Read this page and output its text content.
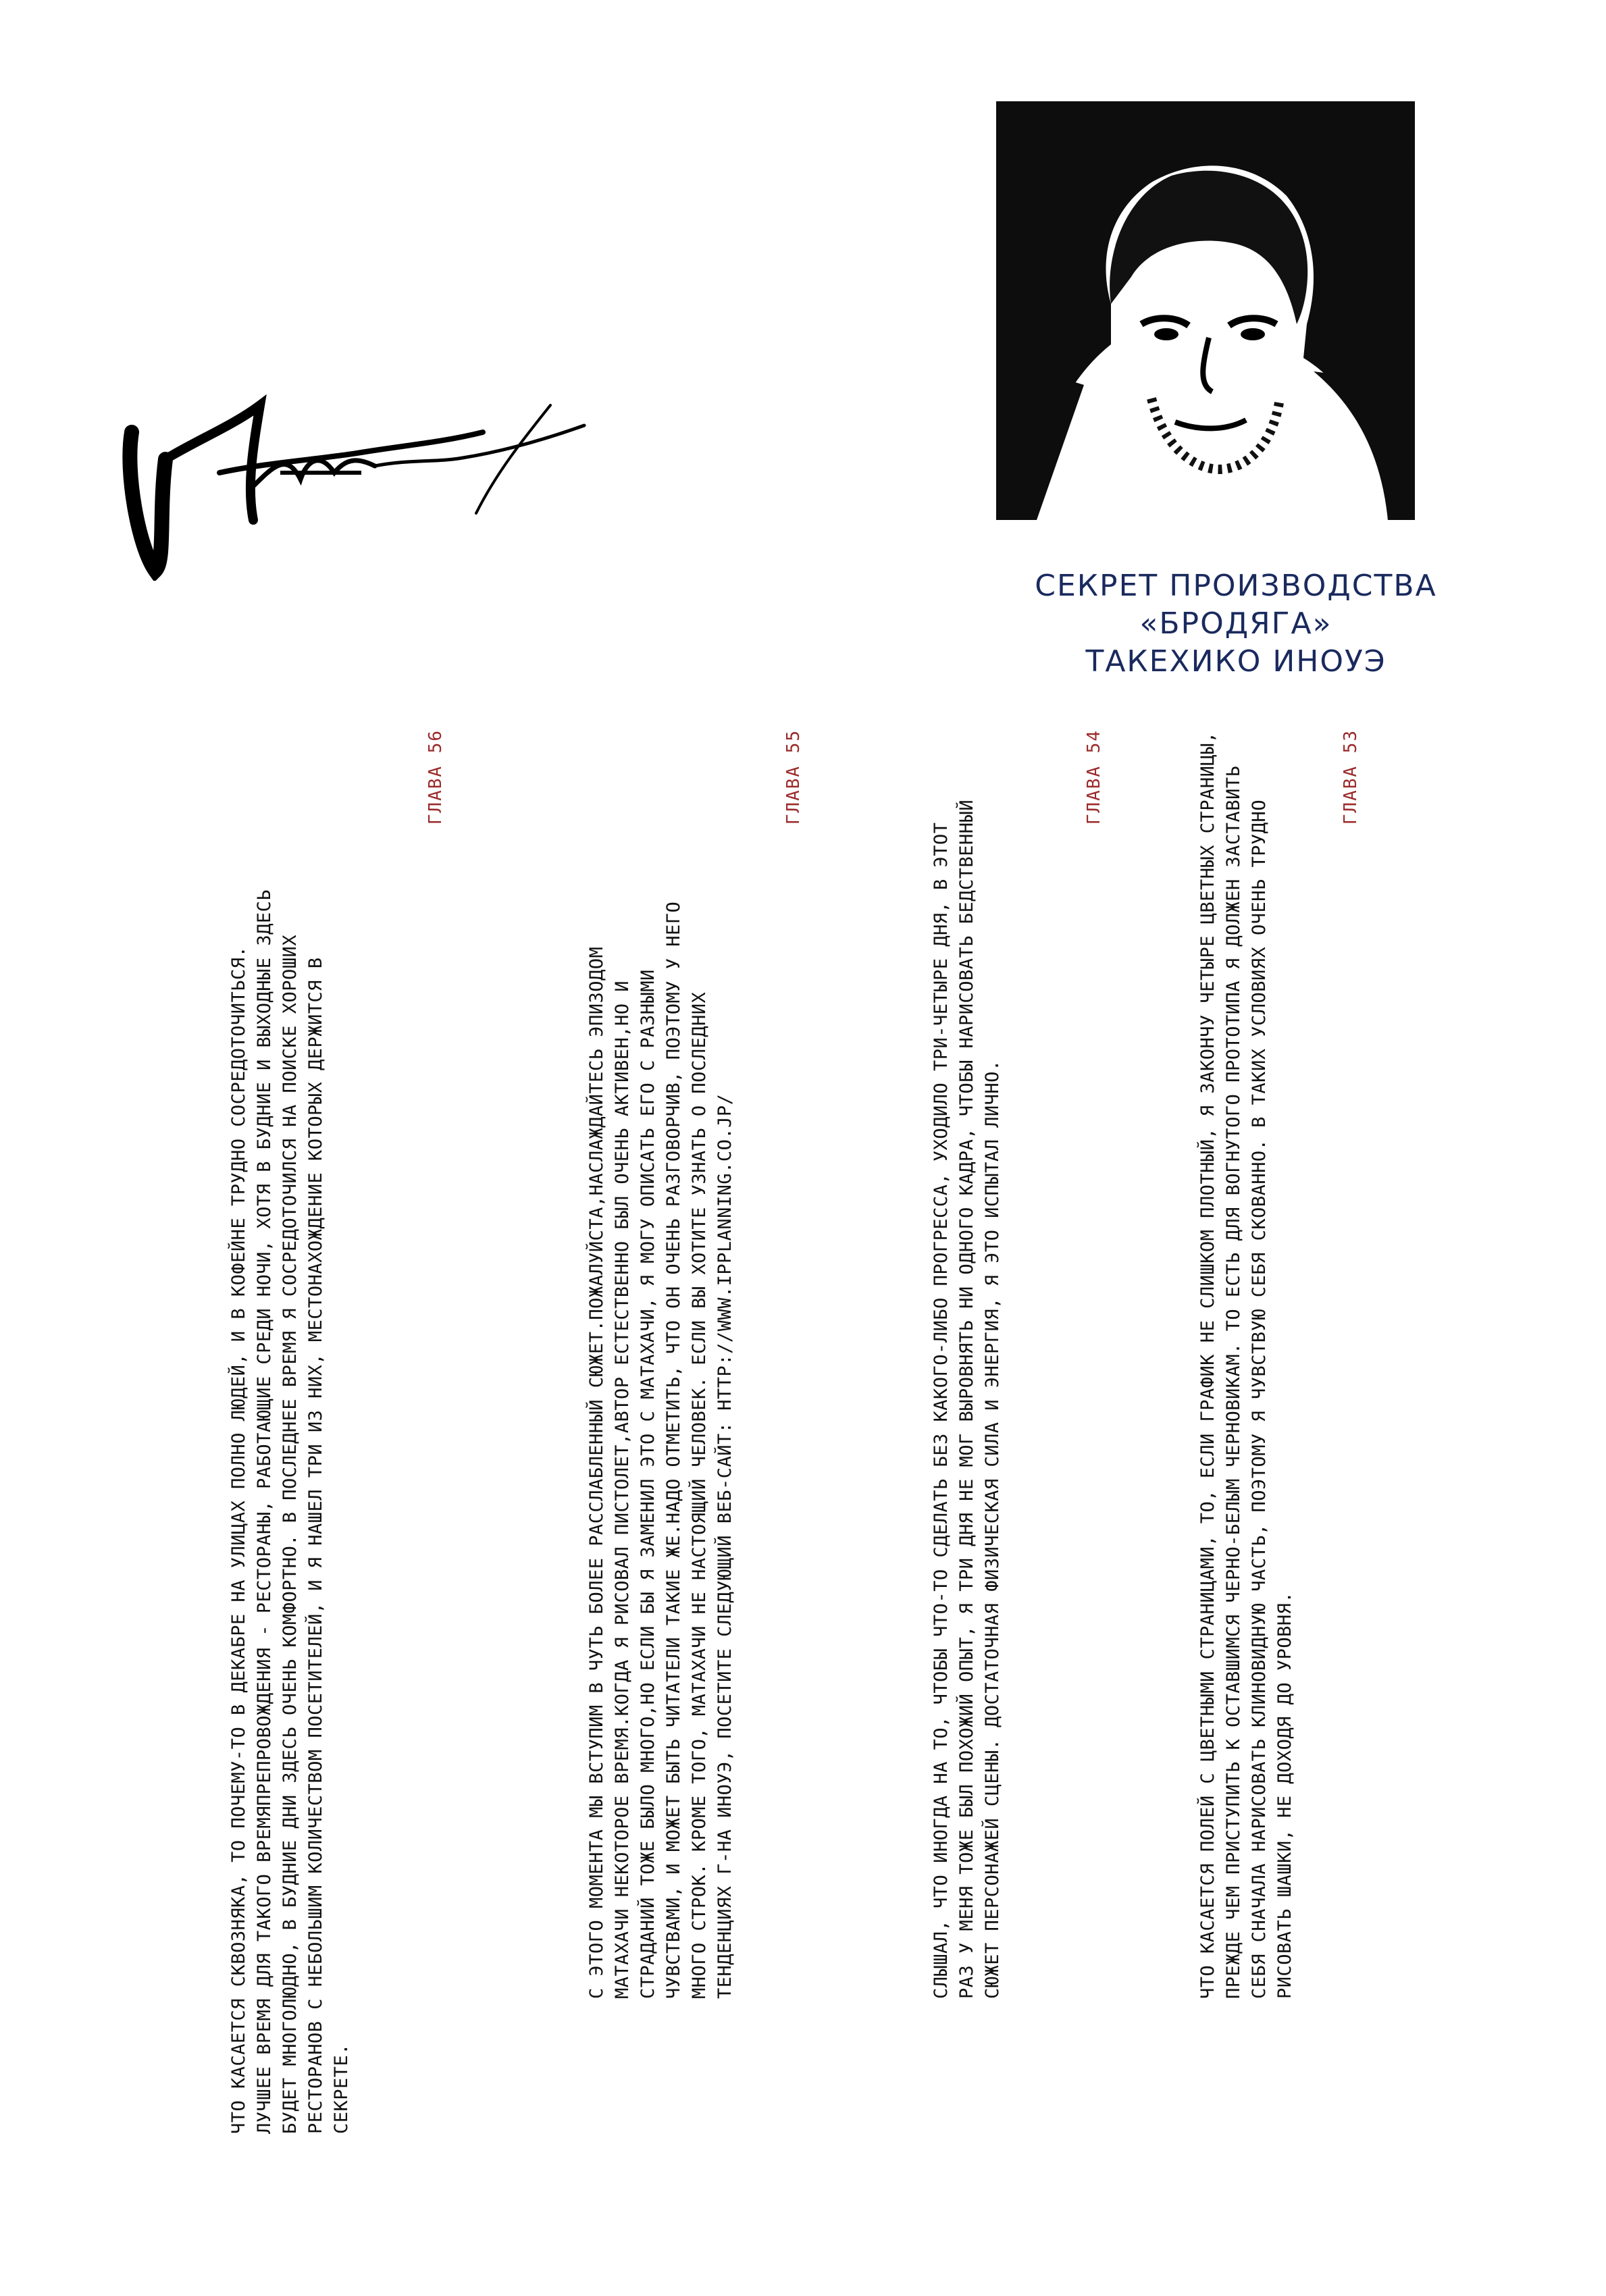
СЕКРЕТ ПРОИЗВОДСТВА
«БРОДЯГА»
ТАКЕХИКО ИНОУЭ
ГЛАВА 53

ЧТО КАСАЕТСЯ ПОЛЕЙ С ЦВЕТНЫМИ СТРАНИЦАМИ, ТО, ЕСЛИ ГРАФИК НЕ СЛИШКОМ ПЛОТНЫЙ, Я ЗАКОНЧУ ЧЕТЫРЕ ЦВЕТНЫХ СТРАНИЦЫ, ПРЕЖДЕ ЧЕМ ПРИСТУПИТЬ К ОСТАВШИМСЯ ЧЕРНО-БЕЛЫМ ЧЕРНОВИКАМ. ТО ЕСТЬ ДЛЯ ВОГНУТОГО ПРОТОТИПА Я ДОЛЖЕН ЗАСТАВИТЬ СЕБЯ СНАЧАЛА НАРИСОВАТЬ КЛИНОВИДНУЮ ЧАСТЬ, ПОЭТОМУ Я ЧУВСТВУЮ СЕБЯ СКОВАННО. В ТАКИХ УСЛОВИЯХ ОЧЕНЬ ТРУДНО РИСОВАТЬ ШАШКИ, НЕ ДОХОДЯ ДО УРОВНЯ.

ГЛАВА 54

СЛЫШАЛ, ЧТО ИНОГДА НА ТО, ЧТОБЫ ЧТО-ТО СДЕЛАТЬ БЕЗ КАКОГО-ЛИБО ПРОГРЕССА, УХОДИЛО ТРИ-ЧЕТЫРЕ ДНЯ, В ЭТОТ РАЗ У МЕНЯ ТОЖЕ БЫЛ ПОХОЖИЙ ОПЫТ, Я ТРИ ДНЯ НЕ МОГ ВЫРОВНЯТЬ НИ ОДНОГО КАДРА, ЧТОБЫ НАРИСОВАТЬ БЕДСТВЕННЫЙ СЮЖЕТ ПЕРСОНАЖЕЙ СЦЕНЫ. ДОСТАТОЧНАЯ ФИЗИЧЕСКАЯ СИЛА И ЭНЕРГИЯ, Я ЭТО ИСПЫТАЛ ЛИЧНО.

ГЛАВА 55

С ЭТОГО МОМЕНТА МЫ ВСТУПИМ В ЧУТЬ БОЛЕЕ РАССЛАБЛЕННЫЙ СЮЖЕТ.ПОЖАЛУЙСТА,НАСЛАЖДАЙТЕСЬ ЭПИЗОДОМ МАТАХАЧИ НЕКОТОРОЕ ВРЕМЯ.КОГДА Я РИСОВАЛ ПИСТОЛЕТ,АВТОР ЕСТЕСТВЕННО БЫЛ ОЧЕНЬ АКТИВЕН,НО И СТРАДАНИЙ ТОЖЕ БЫЛО МНОГО,НО ЕСЛИ БЫ Я ЗАМЕНИЛ ЭТО С МАТАХАЧИ, Я МОГУ ОПИСАТЬ ЕГО С РАЗНЫМИ ЧУВСТВАМИ, И МОЖЕТ БЫТЬ ЧИТАТЕЛИ ТАКИЕ ЖЕ.НАДО ОТМЕТИТЬ, ЧТО ОН ОЧЕНЬ РАЗГОВОРЧИВ, ПОЭТОМУ У НЕГО МНОГО СТРОК. КРОМЕ ТОГО, МАТАХАЧИ НЕ НАСТОЯЩИЙ ЧЕЛОВЕК. ЕСЛИ ВЫ ХОТИТЕ УЗНАТЬ О ПОСЛЕДНИХ ТЕНДЕНЦИЯХ Г-НА ИНОУЭ, ПОСЕТИТЕ СЛЕДУЮЩИЙ ВЕБ-САЙТ: HTTP://WWW.IPPLANNING.CO.JP/

ГЛАВА 56

ЧТО КАСАЕТСЯ СКВОЗНЯКА, ТО ПОЧЕМУ-ТО В ДЕКАБРЕ НА УЛИЦАХ ПОЛНО ЛЮДЕЙ, И В КОФЕЙНЕ ТРУДНО СОСРЕДОТОЧИТЬСЯ. ЛУЧШЕЕ ВРЕМЯ ДЛЯ ТАКОГО ВРЕМЯПРЕПРОВОЖДЕНИЯ - РЕСТОРАНЫ, РАБОТАЮЩИЕ СРЕДИ НОЧИ, ХОТЯ В БУДНИЕ И ВЫХОДНЫЕ ЗДЕСЬ БУДЕТ МНОГОЛЮДНО, В БУДНИЕ ДНИ ЗДЕСЬ ОЧЕНЬ КОМФОРТНО. В ПОСЛЕДНЕЕ ВРЕМЯ Я СОСРЕДОТОЧИЛСЯ НА ПОИСКЕ ХОРОШИХ РЕСТОРАНОВ С НЕБОЛЬШИМ КОЛИЧЕСТВОМ ПОСЕТИТЕЛЕЙ, И Я НАШЕЛ ТРИ ИЗ НИХ, МЕСТОНАХОЖДЕНИЕ КОТОРЫХ ДЕРЖИТСЯ В СЕКРЕТЕ.
